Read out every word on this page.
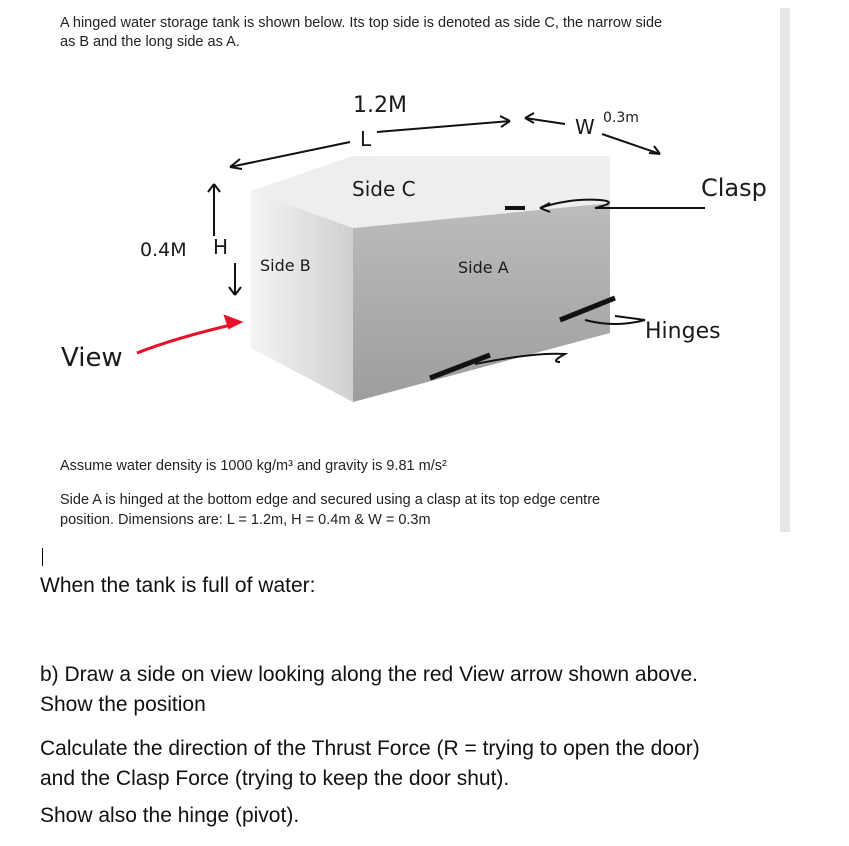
A hinged water storage tank is shown below. Its top side is denoted as side C, the narrow side
as B and the long side as A.
1.2M
L	W 0.3m
0.4M H
Side C
Side B	Side A
Clasp
Hinges
View
Assume water density is 1000 kg/m³ and gravity is 9.81 m/s²
Side A is hinged at the bottom edge and secured using a clasp at its top edge centre
position. Dimensions are: L = 1.2m, H = 0.4m & W = 0.3m
When the tank is full of water:
b) Draw a side on view looking along the red View arrow shown above.
Show the position
Calculate the direction of the Thrust Force (R = trying to open the door)
and the Clasp Force (trying to keep the door shut).
Show also the hinge (pivot).
